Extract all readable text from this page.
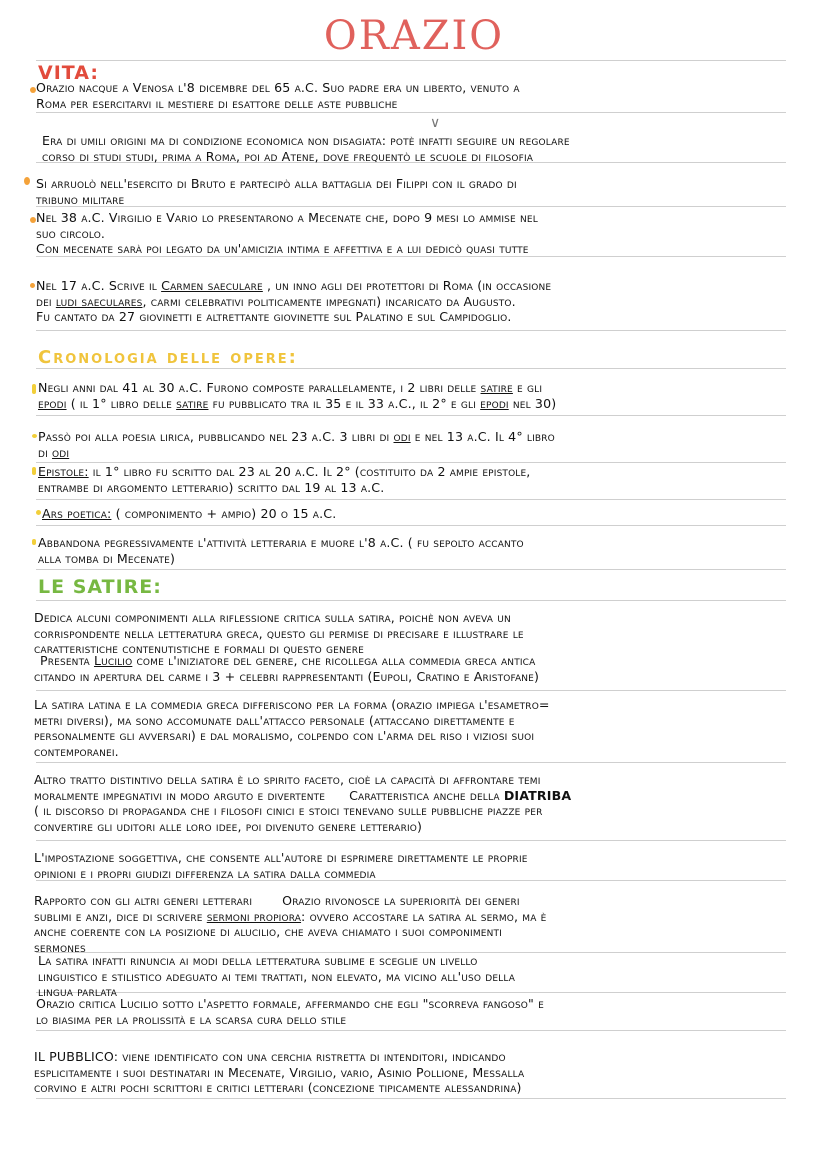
ORAZIO
VITA:
Orazio nacque a Venosa l'8 dicembre del 65 a.C. Suo padre era un liberto, venuto a
Roma per esercitarvi il mestiere di esattore delle aste pubbliche
∨
Era di umili origini ma di condizione economica non disagiata: potè infatti seguire un regolare
corso di studi studi, prima a Roma, poi ad Atene, dove frequentò le scuole di filosofia
Si arruolò nell'esercito di Bruto e partecipò alla battaglia dei Filippi con il grado di
tribuno militare
Nel 38 a.C. Virgilio e Vario lo presentarono a Mecenate che, dopo 9 mesi lo ammise nel
suo circolo.
Con mecenate sarà poi legato da un'amicizia intima e affettiva e a lui dedicò quasi tutte
Nel 17 a.C. Scrive il Carmen saeculare , un inno agli dei protettori di Roma (in occasione
dei ludi saeculares, carmi celebrativi politicamente impegnati) incaricato da Augusto.
Fu cantato da 27 giovinetti e altrettante giovinette sul Palatino e sul Campidoglio.
Cronologia delle opere:
Negli anni dal 41 al 30 a.C. Furono composte parallelamente, i 2 libri delle satire e gli
epodi ( il 1° libro delle satire fu pubblicato tra il 35 e il 33 a.C., il 2° e gli epodi nel 30)
Passò poi alla poesia lirica, pubblicando nel 23 a.C. 3 libri di odi e nel 13 a.C. Il 4° libro
di odi
Epistole: il 1° libro fu scritto dal 23 al 20 a.C. Il 2° (costituito da 2 ampie epistole,
entrambe di argomento letterario) scritto dal 19 al 13 a.C.
Ars poetica: ( componimento + ampio) 20 o 15 a.C.
Abbandona pegressivamente l'attività letteraria e muore l'8 a.C. ( fu sepolto accanto
alla tomba di Mecenate)
LE SATIRE:
Dedica alcuni componimenti alla riflessione critica sulla satira, poichè non aveva un
corrispondente nella letteratura greca, questo gli permise di precisare e illustrare le
caratteristiche contenutistiche e formali di questo genere
Presenta Lucilio come l'iniziatore del genere, che ricollega alla commedia greca antica
citando in apertura del carme i 3 + celebri rappresentanti (Eupoli, Cratino e Aristofane)
La satira latina e la commedia greca differiscono per la forma (orazio impiega l'esametro=
metri diversi), ma sono accomunate dall'attacco personale (attaccano direttamente e
personalmente gli avversari) e dal moralismo, colpendo con l'arma del riso i viziosi suoi
contemporanei.
Altro tratto distintivo della satira è lo spirito faceto, cioè la capacità di affrontare temi
moralmente impegnativi in modo arguto e divertente Caratteristica anche della DIATRIBA
( il discorso di propaganda che i filosofi cinici e stoici tenevano sulle pubbliche piazze per
convertire gli uditori alle loro idee, poi divenuto genere letterario)
L'impostazione soggettiva, che consente all'autore di esprimere direttamente le proprie
opinioni e i propri giudizi differenza la satira dalla commedia
Rapporto con gli altri generi letterari Orazio rivonosce la superiorità dei generi
sublimi e anzi, dice di scrivere sermoni propiora: ovvero accostare la satira al sermo, ma è
anche coerente con la posizione di alucilio, che aveva chiamato i suoi componimenti
sermones
La satira infatti rinuncia ai modi della letteratura sublime e sceglie un livello
linguistico e stilistico adeguato ai temi trattati, non elevato, ma vicino all'uso della
lingua parlata
Orazio critica Lucilio sotto l'aspetto formale, affermando che egli "scorreva fangoso" e
lo biasima per la prolissità e la scarsa cura dello stile
IL PUBBLICO: viene identificato con una cerchia ristretta di intenditori, indicando
esplicitamente i suoi destinatari in Mecenate, Virgilio, vario, Asinio Pollione, Messalla
corvino e altri pochi scrittori e critici letterari (concezione tipicamente alessandrina)
